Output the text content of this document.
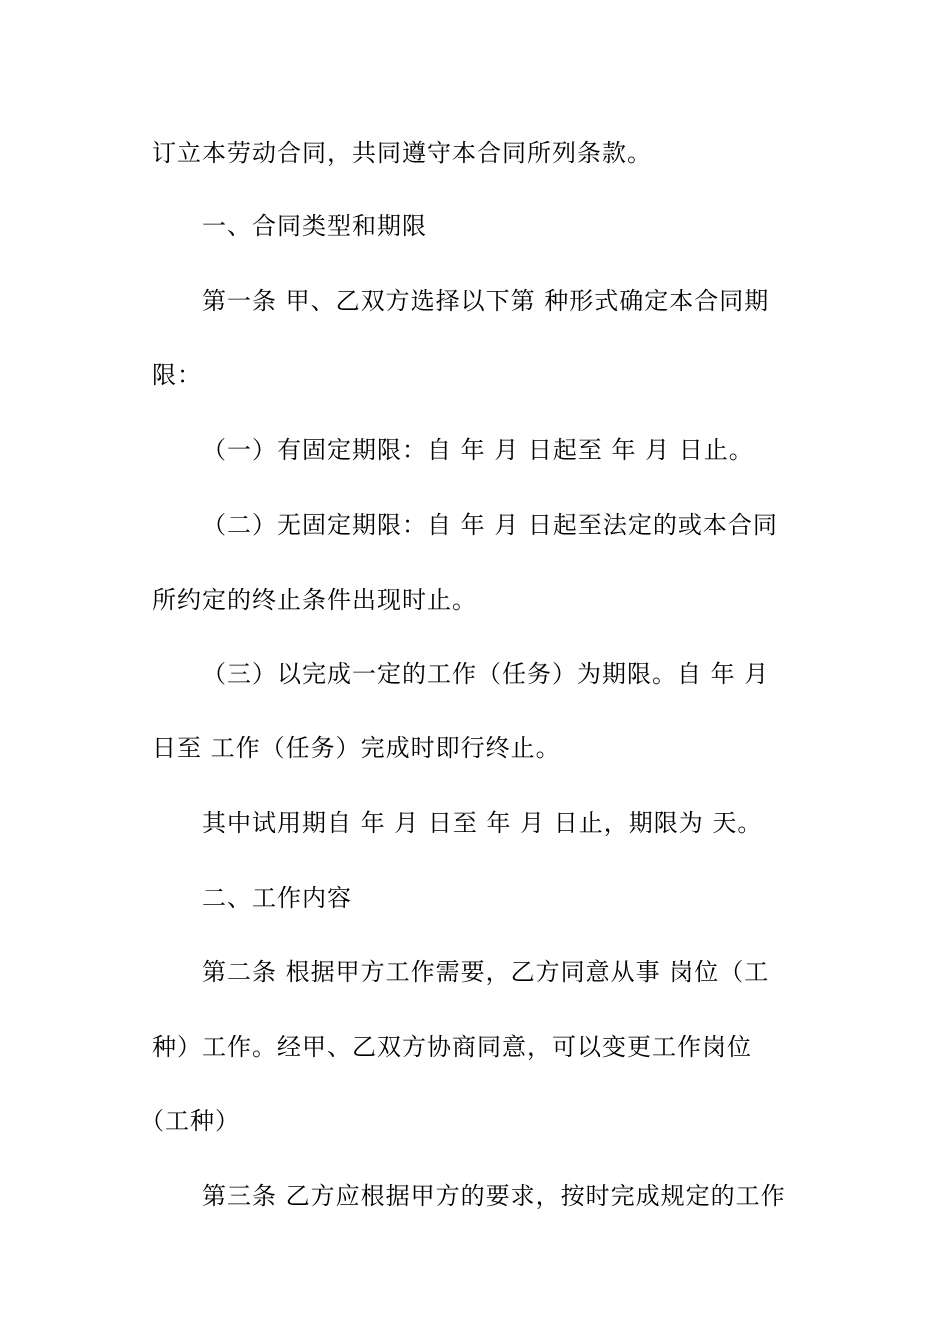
订立本劳动合同，共同遵守本合同所列条款。
一、合同类型和期限
第一条 甲、乙双方选择以下第 种形式确定本合同期
限：
（一）有固定期限：自 年 月 日起至 年 月 日止。
（二）无固定期限：自 年 月 日起至法定的或本合同
所约定的终止条件出现时止。
（三）以完成一定的工作（任务）为期限。自 年 月
日至 工作（任务）完成时即行终止。
其中试用期自 年 月 日至 年 月 日止，期限为 天。
二、工作内容
第二条 根据甲方工作需要，乙方同意从事 岗位（工
种）工作。经甲、乙双方协商同意，可以变更工作岗位
（工种）
第三条 乙方应根据甲方的要求，按时完成规定的工作
